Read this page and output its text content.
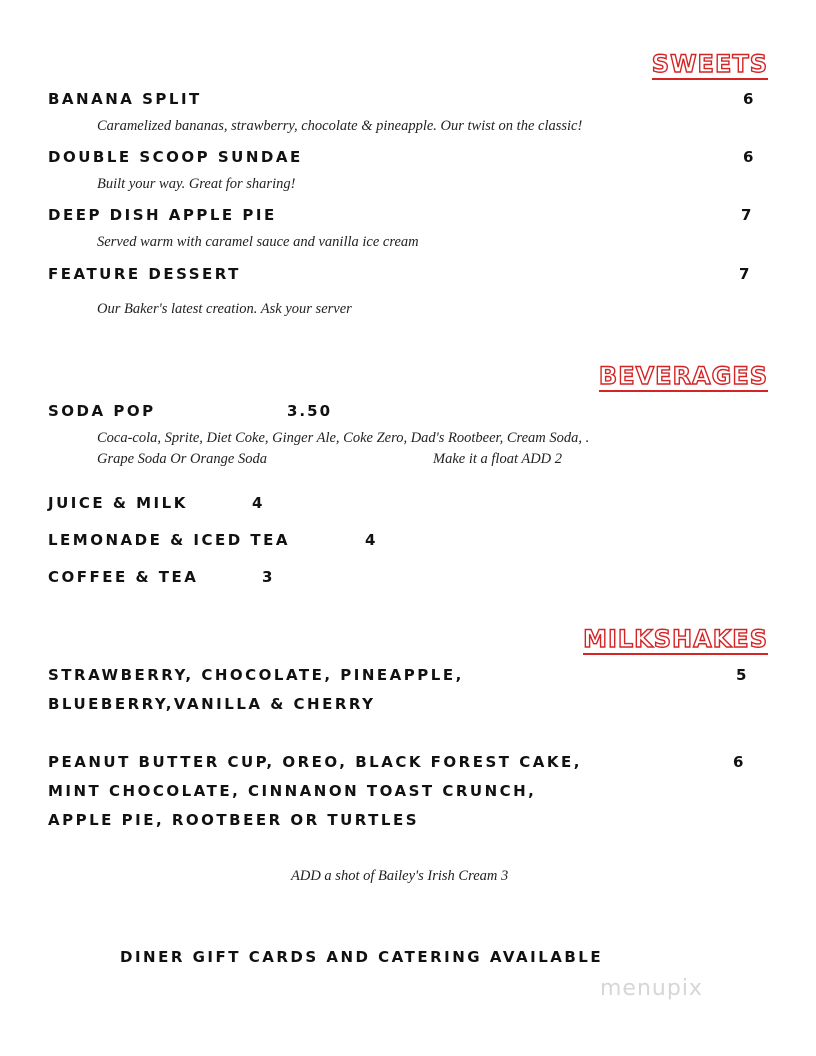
SWEETS
BANANA SPLIT	6
Caramelized bananas, strawberry, chocolate & pineapple. Our twist on the classic!
DOUBLE SCOOP SUNDAE	6
Built your way. Great for sharing!
DEEP DISH APPLE PIE	7
Served warm with caramel sauce and vanilla ice cream
FEATURE DESSERT	7
Our Baker's latest creation. Ask your server
BEVERAGES
SODA POP	3.50
Coca-cola, Sprite, Diet Coke, Ginger Ale, Coke Zero, Dad's Rootbeer, Cream Soda, .
Grape Soda Or Orange Soda	Make it a float ADD 2
JUICE & MILK	4
LEMONADE & ICED TEA	4
COFFEE & TEA	3
MILKSHAKES
STRAWBERRY, CHOCOLATE, PINEAPPLE,	5
BLUEBERRY,VANILLA & CHERRY
PEANUT BUTTER CUP, OREO, BLACK FOREST CAKE,	6
MINT CHOCOLATE, CINNANON TOAST CRUNCH,
APPLE PIE, ROOTBEER OR TURTLES
ADD a shot of Bailey's Irish Cream 3
DINER GIFT CARDS AND CATERING AVAILABLE
menupix
